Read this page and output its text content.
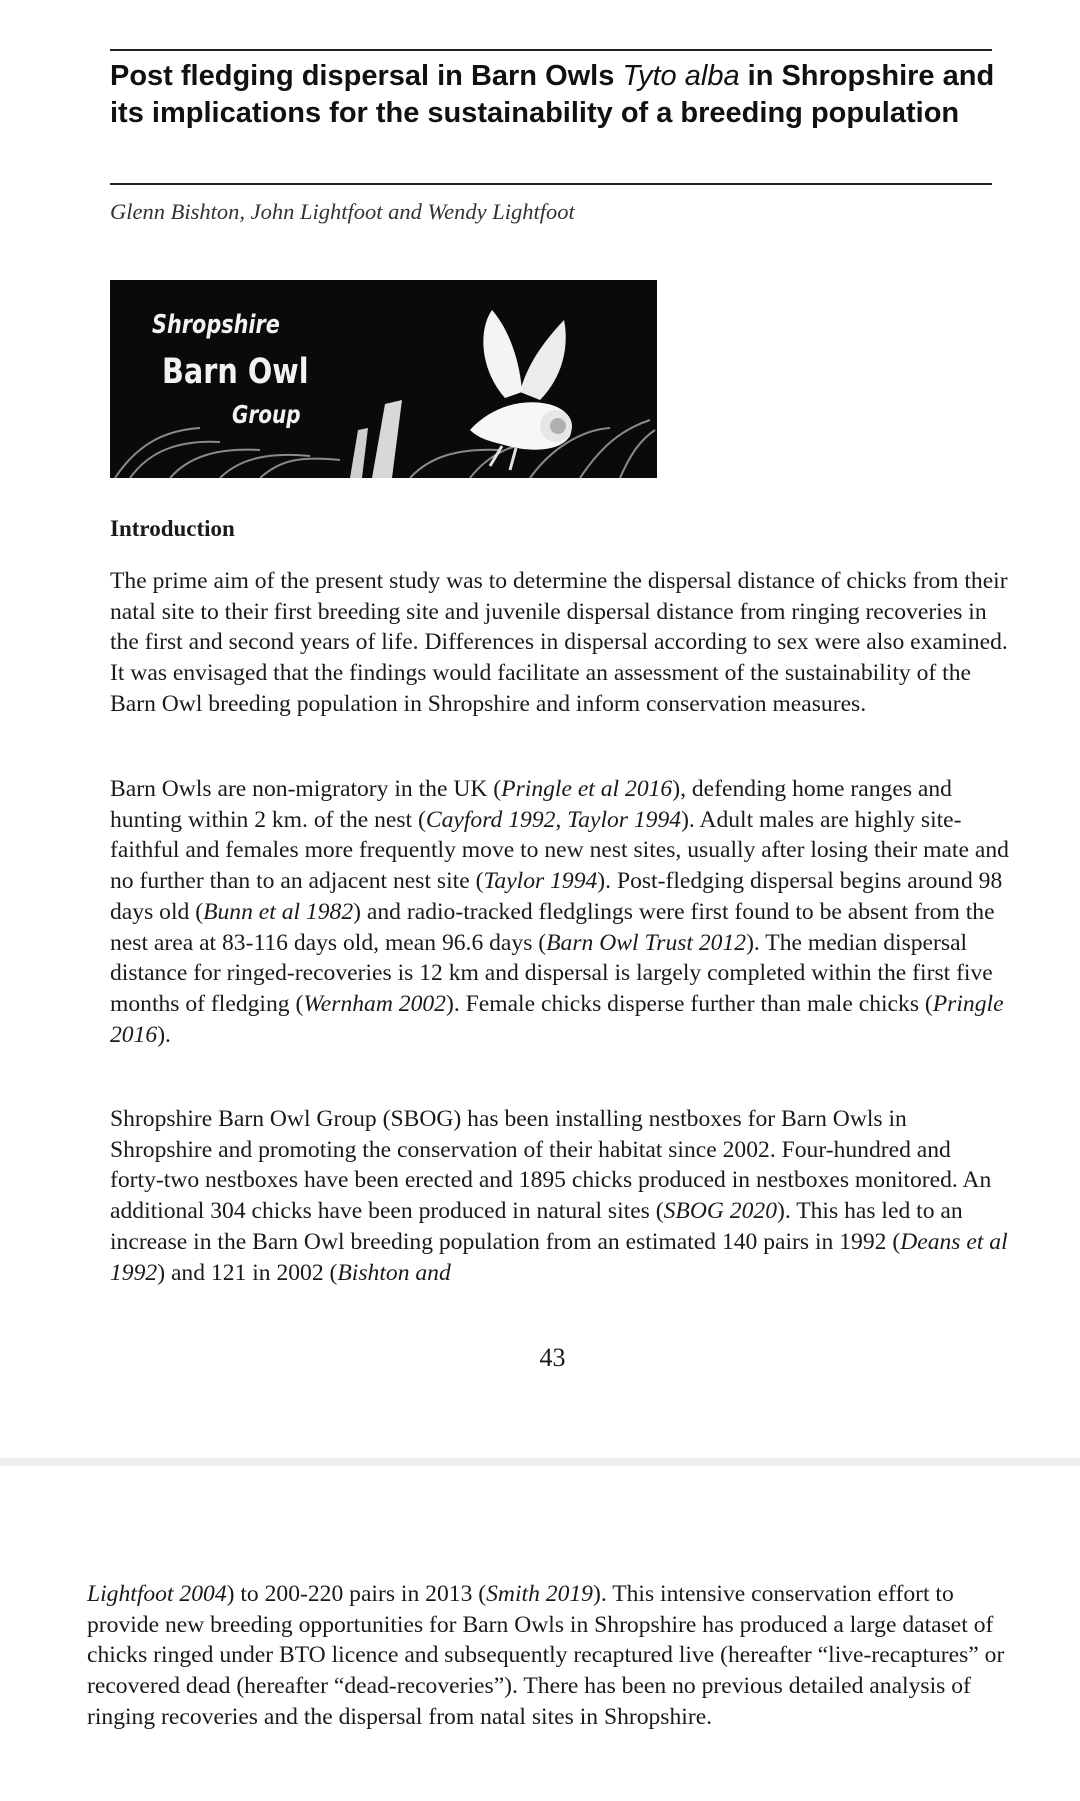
Post fledging dispersal in Barn Owls Tyto alba in Shropshire and its implications for the sustainability of a breeding population
Glenn Bishton, John Lightfoot and Wendy Lightfoot
Shropshire
Barn Owl
Group
Introduction

The prime aim of the present study was to determine the dispersal distance of chicks from their natal site to their first breeding site and juvenile dispersal distance from ringing recoveries in the first and second years of life. Differences in dispersal according to sex were also examined. It was envisaged that the findings would facilitate an assessment of the sustainability of the Barn Owl breeding population in Shropshire and inform conservation measures.

Barn Owls are non-migratory in the UK (Pringle et al 2016), defending home ranges and hunting within 2 km. of the nest (Cayford 1992, Taylor 1994). Adult males are highly site-faithful and females more frequently move to new nest sites, usually after losing their mate and no further than to an adjacent nest site (Taylor 1994). Post-fledging dispersal begins around 98 days old (Bunn et al 1982) and radio-tracked fledglings were first found to be absent from the nest area at 83-116 days old, mean 96.6 days (Barn Owl Trust 2012). The median dispersal distance for ringed-recoveries is 12 km and dispersal is largely completed within the first five months of fledging (Wernham 2002). Female chicks disperse further than male chicks (Pringle 2016).

Shropshire Barn Owl Group (SBOG) has been installing nestboxes for Barn Owls in Shropshire and promoting the conservation of their habitat since 2002. Four-hundred and forty-two nestboxes have been erected and 1895 chicks produced in nestboxes monitored. An additional 304 chicks have been produced in natural sites (SBOG 2020). This has led to an increase in the Barn Owl breeding population from an estimated 140 pairs in 1992 (Deans et al 1992) and 121 in 2002 (Bishton and

43

Lightfoot 2004) to 200-220 pairs in 2013 (Smith 2019). This intensive conservation effort to provide new breeding opportunities for Barn Owls in Shropshire has produced a large dataset of chicks ringed under BTO licence and subsequently recaptured live (hereafter “live-recaptures” or recovered dead (hereafter “dead-recoveries”). There has been no previous detailed analysis of ringing recoveries and the dispersal from natal sites in Shropshire.
